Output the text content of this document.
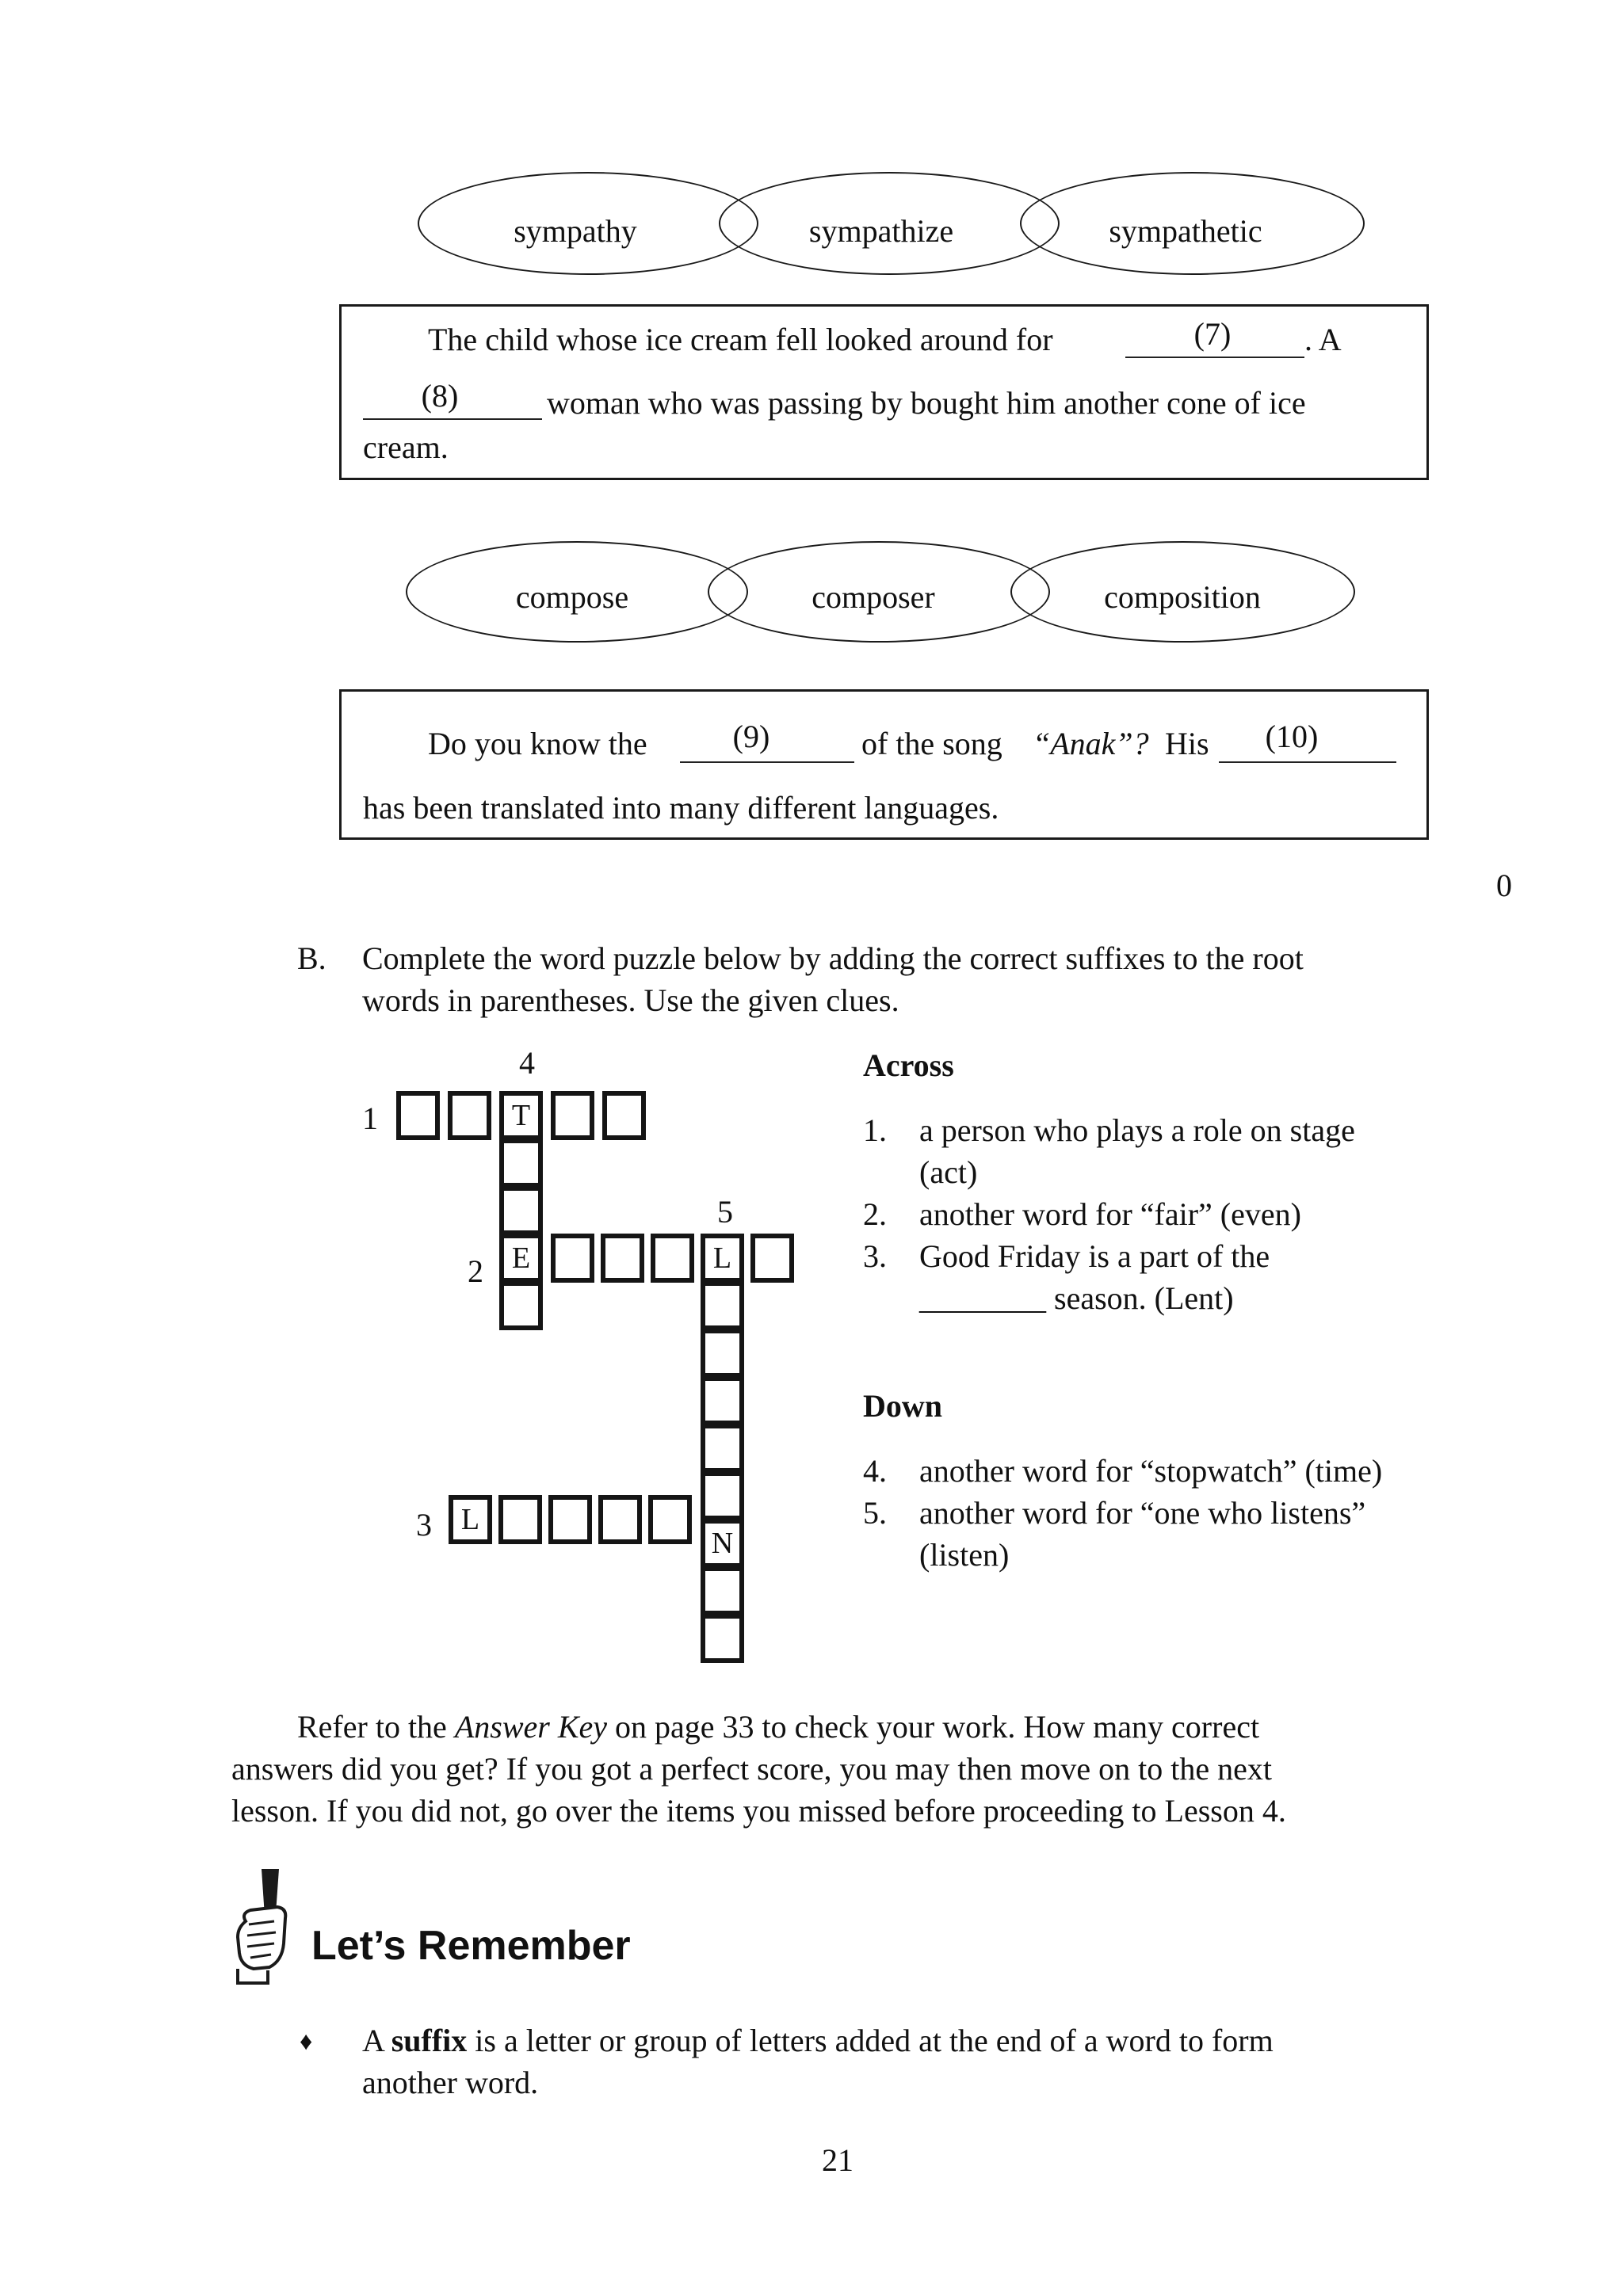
sympathy	sympathize	sympathetic
The child whose ice cream fell looked around for	(7)	. A
(8)	woman who was passing by bought him another cone of ice
cream.
compose	composer	composition
Do you know the	(9)	of the song “Anak”? His	(10)
has been translated into many different languages.
0
B. Complete the word puzzle below by adding the correct suffixes to the root
words in parentheses. Use the given clues.
4
1
5
2
3
T
E	L
N
L
Across
1. a person who plays a role on stage
(act)
2. another word for “fair” (even)
3. Good Friday is a part of the
________ season. (Lent)
Down
4. another word for “stopwatch” (time)
5. another word for “one who listens”
(listen)
Refer to the Answer Key on page 33 to check your work. How many correct
answers did you get? If you got a perfect score, you may then move on to the next
lesson. If you did not, go over the items you missed before proceeding to Lesson 4.
Let’s Remember
♦ A suffix is a letter or group of letters added at the end of a word to form
another word.
21
